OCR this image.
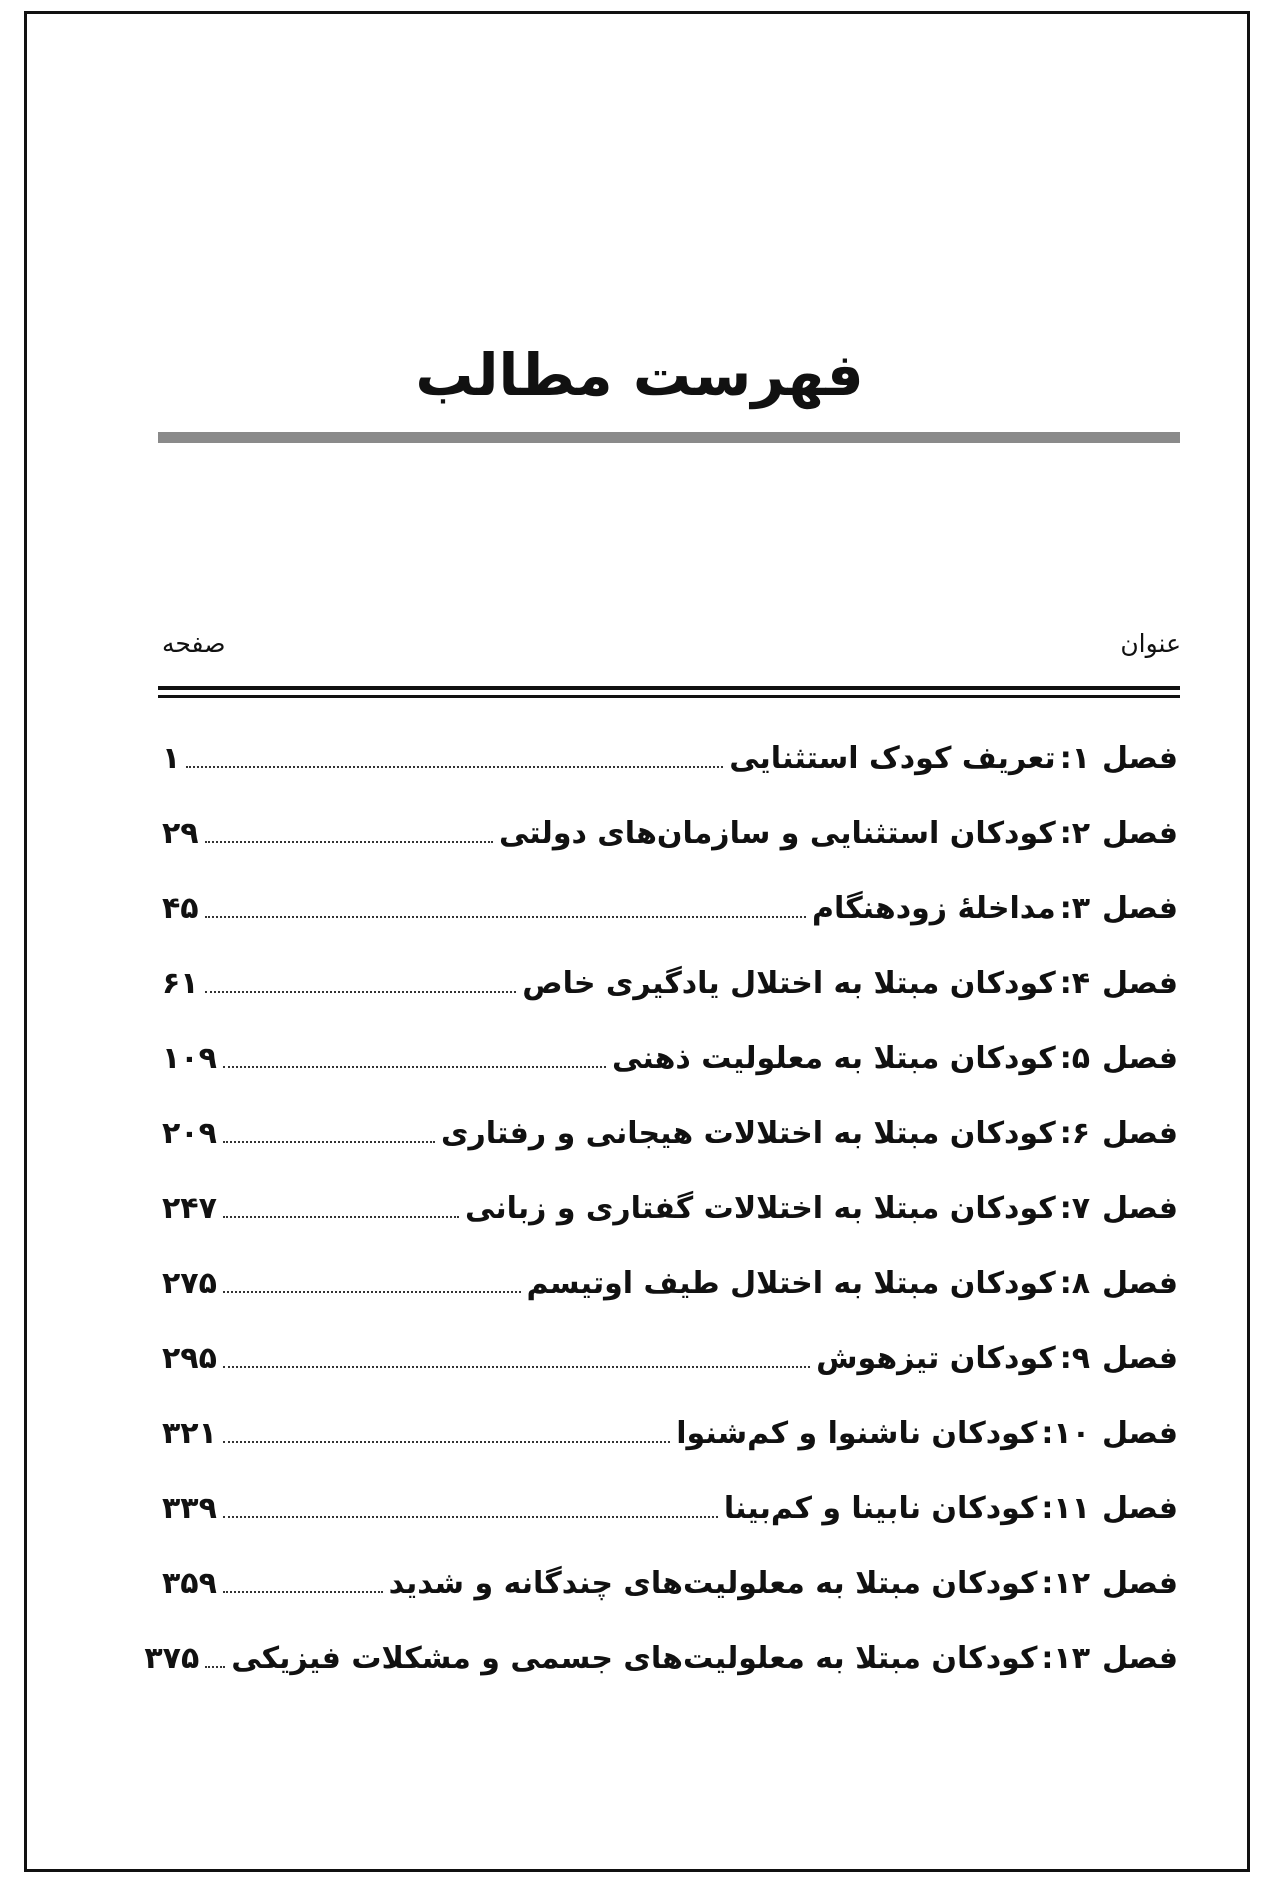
فهرست مطالب
عنوان
صفحه
فصل
۱:
تعریف کودک استثنایی
۱
فصل
۲:
کودکان استثنایی و سازمان‌های دولتی
۲۹
فصل
۳:
مداخلۀ زودهنگام
۴۵
فصل
۴:
کودکان مبتلا به اختلال یادگیری خاص
۶۱
فصل
۵:
کودکان مبتلا به معلولیت ذهنی
۱۰۹
فصل
۶:
کودکان مبتلا به اختلالات هیجانی و رفتاری
۲۰۹
فصل
۷:
کودکان مبتلا به اختلالات گفتاری و زبانی
۲۴۷
فصل
۸:
کودکان مبتلا به اختلال طیف اوتیسم
۲۷۵
فصل
۹:
کودکان تیزهوش
۲۹۵
فصل
۱۰:
کودکان ناشنوا و کم‌شنوا
۳۲۱
فصل
۱۱:
کودکان نابینا و کم‌بینا
۳۳۹
فصل
۱۲:
کودکان مبتلا به معلولیت‌های چندگانه و شدید
۳۵۹
فصل
۱۳:
کودکان مبتلا به معلولیت‌های جسمی و مشکلات فیزیکی
۳۷۵
